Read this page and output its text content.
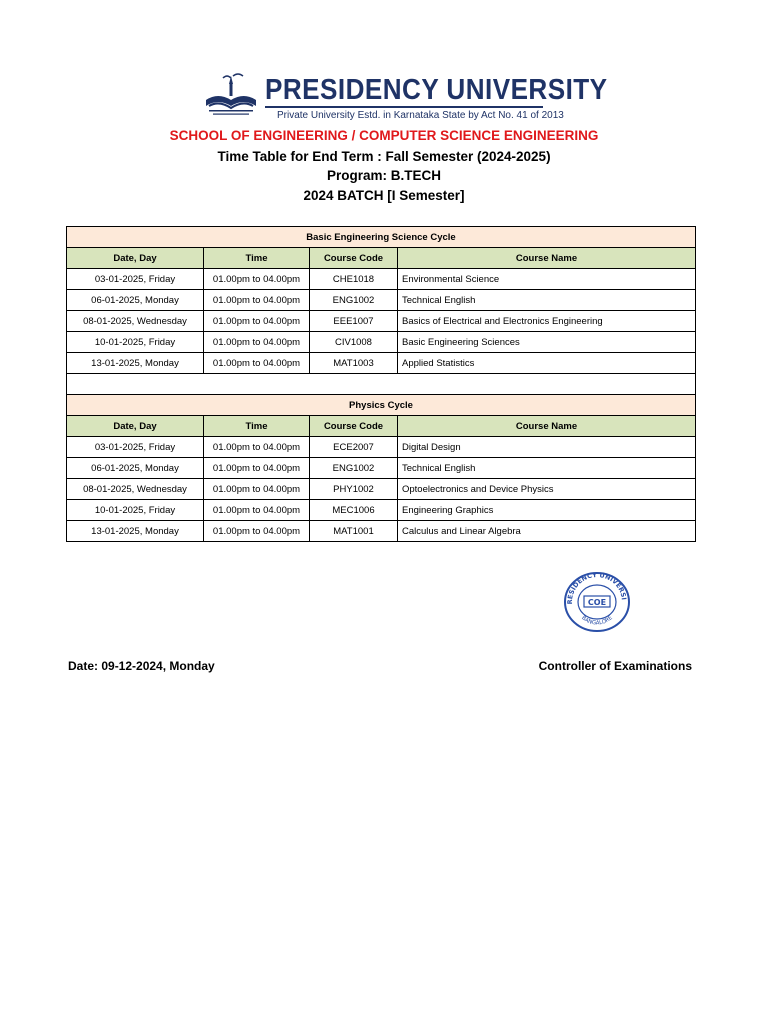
PRESIDENCY UNIVERSITY
Private University Estd. in Karnataka State by Act No. 41 of 2013
SCHOOL OF ENGINEERING / COMPUTER SCIENCE ENGINEERING
Time Table for End Term : Fall Semester (2024-2025)
Program: B.TECH
2024 BATCH [I Semester]
Basic Engineering Science Cycle			
Date, Day	Time	Course Code	Course Name
03-01-2025, Friday	01.00pm to 04.00pm	CHE1018	Environmental Science
06-01-2025, Monday	01.00pm to 04.00pm	ENG1002	Technical English
08-01-2025, Wednesday	01.00pm to 04.00pm	EEE1007	Basics of Electrical and Electronics Engineering
10-01-2025, Friday	01.00pm to 04.00pm	CIV1008	Basic Engineering Sciences
13-01-2025, Monday	01.00pm to 04.00pm	MAT1003	Applied Statistics

Physics Cycle			
Date, Day	Time	Course Code	Course Name
03-01-2025, Friday	01.00pm to 04.00pm	ECE2007	Digital Design
06-01-2025, Monday	01.00pm to 04.00pm	ENG1002	Technical English
08-01-2025, Wednesday	01.00pm to 04.00pm	PHY1002	Optoelectronics and Device Physics
10-01-2025, Friday	01.00pm to 04.00pm	MEC1006	Engineering Graphics
13-01-2025, Monday	01.00pm to 04.00pm	MAT1001	Calculus and Linear Algebra
RESIDENCY UNIVERSI
COE
BANGALORE
Date: 09-12-2024, Monday	Controller of Examinations
